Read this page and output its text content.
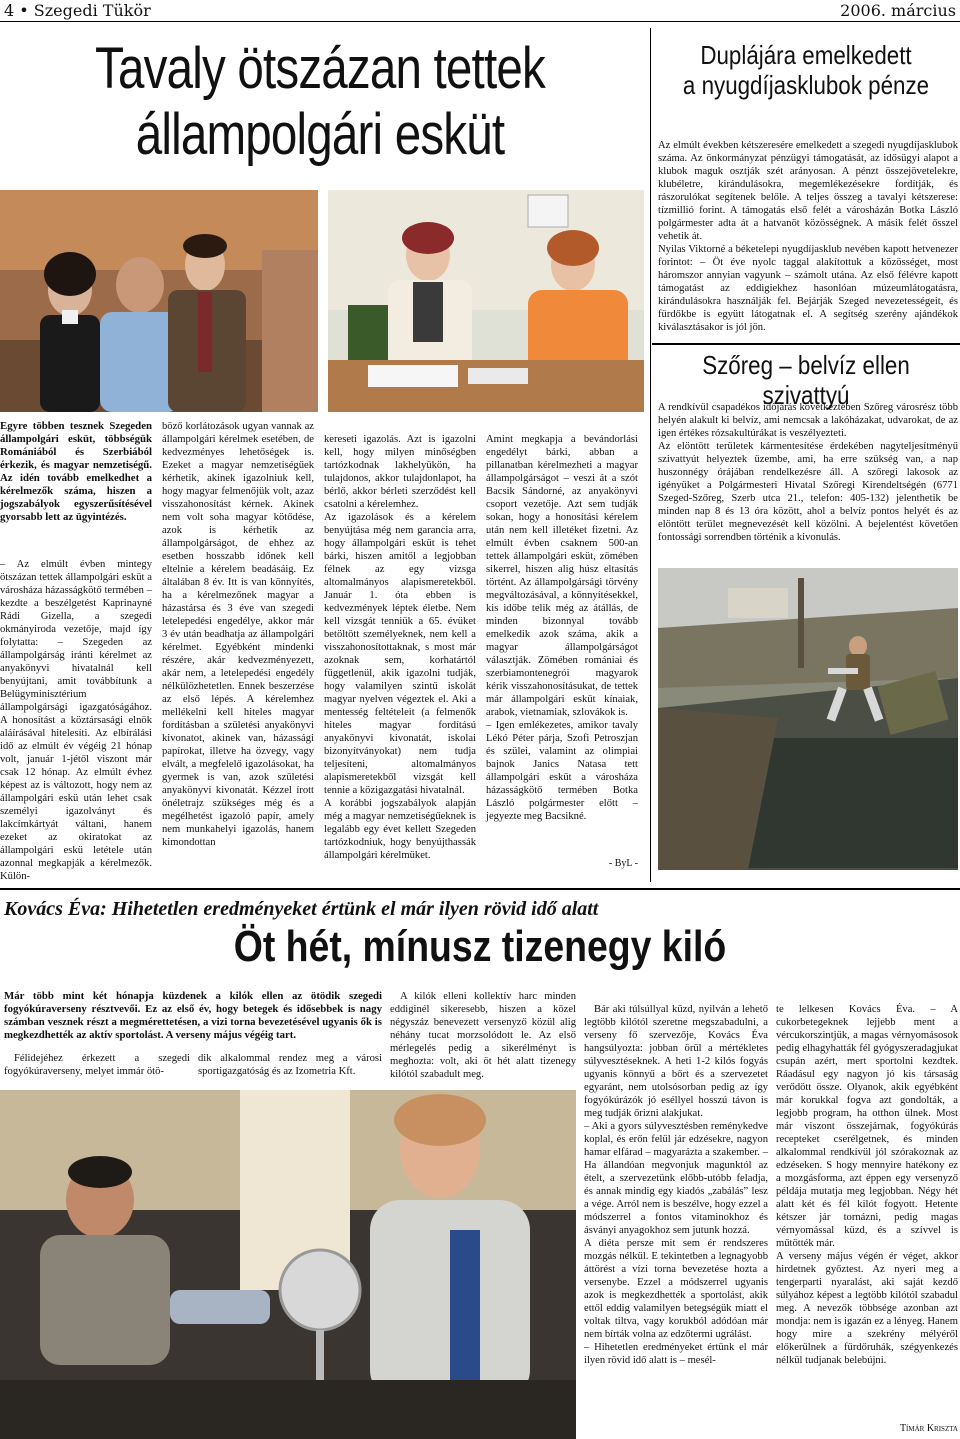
4 • Szegedi Tükör	2006. március
Tavaly ötszázan tettek
állampolgári esküt
Egyre többen tesznek Szegeden állampolgári esküt, többségük Romániából és Szerbiából érkezik, és magyar nemzetiségű. Az idén tovább emelkedhet a kérelmezők száma, hiszen a jogszabályok egyszerűsítésével gyorsabb lett az ügyintézés.

– Az elmúlt évben mintegy ötszázan tettek állampolgári esküt a városháza házasságkötő termében – kezdte a beszélgetést Kaprinayné Rádi Gizella, a szegedi okmányiroda vezetője, majd így folytatta: – Szegeden az állampolgárság iránti kérelmet az anyakönyvi hivatalnál kell benyújtani, amit továbbítunk a Belügyminisztérium állampolgársági igazgatóságához. A honosítást a köztársasági elnök aláírásával hitelesíti. Az elbírálási idő az elmúlt év végéig 21 hónap volt, január 1-jétől viszont már csak 12 hónap. Az elmúlt évhez képest az is változott, hogy nem az állampolgári eskü után lehet csak személyi igazolványt és lakcímkártyát váltani, hanem ezeket az okiratokat az állampolgári eskü letétele után azonnal megkapják a kérelmezők. Külön-

böző korlátozások ugyan vannak az állampolgári kérelmek esetében, de kedvezményes lehetőségek is. Ezeket a magyar nemzetiségűek kérhetik, akinek igazolniuk kell, hogy magyar felmenőjük volt, azaz visszahonosítást kérnek. Akinek nem volt soha magyar kötődése, azok is kérhetik az állampolgárságot, de ehhez az esetben hosszabb időnek kell eltelnie a kérelem beadásáig. Ez általában 8 év. Itt is van könnyítés, ha a kérelmezőnek magyar a házastársa és 3 éve van szegedi letelepedési engedélye, akkor már 3 év után beadhatja az állampolgári kérelmet. Egyébként mindenki részére, akár kedvezményezett, akár nem, a letelepedési engedély nélkülözhetetlen. Ennek beszerzése az első lépés. A kérelemhez mellékelni kell hiteles magyar fordításban a születési anyakönyvi kivonatot, akinek van, házassági papírokat, illetve ha özvegy, vagy elvált, a megfelelő igazolásokat, ha gyermek is van, azok születési anyakönyvi kivonatát. Kézzel írott önéletrajz szükséges még és a megélhetést igazoló papír, amely nem munkahelyi igazolás, hanem kimondottan

kereseti igazolás. Azt is igazolni kell, hogy milyen minőségben tartózkodnak lakhelyükön, ha tulajdonos, akkor tulajdonlapot, ha bérlő, akkor bérleti szerződést kell csatolni a kérelemhez.
Az igazolások és a kérelem benyújtása még nem garancia arra, hogy állampolgári esküt is tehet bárki, hiszen amitől a legjobban félnek az egy vizsga altomalmányos alapismeretekből. Január 1. óta ebben is kedvezmények léptek életbe. Nem kell vizsgát tenniük a 65. évüket betöltött személyeknek, nem kell a visszahonosítottaknak, s most már azoknak sem, korhatártól függetlenül, akik igazolni tudják, hogy valamilyen szintű iskolát magyar nyelven végeztek el. Aki a mentesség feltételeit (a felmenők hiteles magyar fordítású anyakönyvi kivonatát, iskolai bizonyítványokat) nem tudja teljesíteni, altomalmányos alapismeretekből vizsgát kell tennie a közigazgatási hivatalnál.
A korábbi jogszabályok alapján még a magyar nemzetiségűeknek is legalább egy évet kellett Szegeden tartózkodniuk, hogy benyújthassák állampolgári kérelmüket.

Amint megkapja a bevándorlási engedélyt bárki, abban a pillanatban kérelmezheti a magyar állampolgárságot – veszi át a szót Bacsik Sándorné, az anyakönyvi csoport vezetője. Azt sem tudják sokan, hogy a honosítási kérelem után nem kell illetéket fizetni. Az elmúlt évben csaknem 500-an tettek állampolgári esküt, zömében sikerrel, hiszen alig húsz eltasítás történt. Az állampolgársági törvény megváltozásával, a könnyítésekkel, kis időbe telik még az átállás, de minden bizonnyal tovább emelkedik azok száma, akik a magyar állampolgárságot választják. Zömében romániai és szerbiamontenegrói magyarok kérik visszahonosításukat, de tettek már állampolgári esküt kínaiak, arabok, vietnamiak, szlovákok is.
– Igen emlékezetes, amikor tavaly Lékó Péter párja, Szofi Petroszjan és szülei, valamint az olimpiai bajnok Janics Natasa tett állampolgári esküt a városháza házasságkötő termében Botka László polgármester előtt – jegyezte meg Bacsikné.

- ByL -
Duplájára emelkedett
a nyugdíjasklubok pénze

Az elmúlt években kétszeresére emelkedett a szegedi nyugdíjasklubok száma. Az önkormányzat pénzügyi támogatását, az idősügyi alapot a klubok maguk osztják szét arányosan. A pénzt összejövetelekre, klubéletre, kirándulásokra, megemlékezésekre fordítják, és rászorulókat segítenek belőle. A teljes összeg a tavalyi kétszerese: tízmillió forint. A támogatás első felét a városházán Botka László polgármester adta át a hatvanöt közösségnek. A másik felét ősszel vehetik át.
Nyilas Viktorné a béketelepi nyugdíjasklub nevében kapott hetvenezer forintot: – Öt éve nyolc taggal alakítottuk a közösséget, most háromszor annyian vagyunk – számolt utána. Az első félévre kapott támogatást az eddigiekhez hasonlóan múzeumlátogatásra, kirándulásokra használják fel. Bejárják Szeged nevezetességeit, és fürdőkbe is együtt látogatnak el. A segítség szerény ajándékok kiválasztásakor is jól jön.

Szőreg – belvíz ellen szivattyú

A rendkívül csapadékos időjárás következtében Szőreg városrész több helyén alakult ki belvíz, ami nemcsak a lakóházakat, udvarokat, de az igen értékes rózsakultúrákat is veszélyezteti.
Az elöntött területek kármentesítése érdekében nagyteljesítményű szivattyút helyeztek üzembe, ami, ha erre szükség van, a nap huszonnégy órájában rendelkezésre áll. A szőregi lakosok az igényüket a Polgármesteri Hivatal Szőregi Kirendeltségén (6771 Szeged-Szőreg, Szerb utca 21., telefon: 405-132) jelenthetik be minden nap 8 és 13 óra között, ahol a belvíz pontos helyét és az elöntött terület megnevezését kell közölni. A bejelentést követően fontossági sorrendben történik a kivonulás.

Kovács Éva: Hihetetlen eredményeket értünk el már ilyen rövid idő alatt
Öt hét, mínusz tizenegy kiló
Már több mint két hónapja küzdenek a kilók ellen az ötödik szegedi fogyókúraverseny résztvevői. Ez az első év, hogy betegek és idősebbek is nagy számban vesznek részt a megmérettetésen, a vizi torna bevezetésével ugyanis ők is megkezdhették az aktív sportolást. A verseny május végéig tart.

Félidejéhez érkezett a szegedi fogyókúraverseny, melyet immár ötö-

dik alkalommal rendez meg a városi sportigazgatóság és az Izometria Kft.

A kilók elleni kollektív harc minden eddiginél sikeresebb, hiszen a közel négyszáz benevezett versenyző közül alig néhány tucat morzsolódott le. Az első mérlegelés pedig a sikerélményt is meghozta: volt, aki öt hét alatt tizenegy kilótól szabadult meg.

Bár aki túlsúllyal küzd, nyilván a lehető legtöbb kilótól szeretne megszabadulni, a verseny fő szervezője, Kovács Éva hangsúlyozta: jobban örül a mértékletes súlyvesztéseknek. A heti 1-2 kilós fogyás ugyanis könnyű a bőrt és a szervezetet egyaránt, nem utolsósorban pedig az így fogyókúrázók jó eséllyel hosszú távon is meg tudják őrizni alakjukat.
– Aki a gyors súlyvesztésben reménykedve koplal, és erőn felül jár edzésekre, nagyon hamar elfárad – magyarázta a szakember. – Ha állandóan megvonjuk magunktól az ételt, a szervezetünk előbb-utóbb feladja, és annak mindig egy kiadós „zabálás” lesz a vége. Arról nem is beszélve, hogy ezzel a módszerrel a fontos vitaminokhoz és ásványi anyagokhoz sem jutunk hozzá.
A diéta persze mit sem ér rendszeres mozgás nélkül. E tekintetben a legnagyobb áttörést a vízi torna bevezetése hozta a versenybe. Ezzel a módszerrel ugyanis azok is megkezdhették a sportolást, akik ettől eddig valamilyen betegségük miatt el voltak tiltva, vagy korukból adódóan már nem bírták volna az edzőtermi ugrálást.
– Hihetetlen eredményeket értünk el már ilyen rövid idő alatt is – mesél-

te lelkesen Kovács Éva. – A cukorbetegeknek lejjebb ment a vércukorszintjük, a magas vérnyomásosok pedig elhagyhatták fél gyógyszeradagjukat csupán azért, mert sportolni kezdtek. Ráadásul egy nagyon jó kis társaság verődött össze. Olyanok, akik egyébként már korukkal fogva azt gondolták, a legjobb program, ha otthon ülnek. Most már viszont összejárnak, fogyókúrás recepteket cserélgetnek, és minden alkalommal rendkívül jól szórakoznak az edzéseken. S hogy mennyire hatékony ez a mozgásforma, azt éppen egy versenyző példája mutatja meg legjobban. Négy hét alatt két és fél kilót fogyott. Hetente kétszer jár tornázni, pedig magas vérnyomással küzd, és a szívvel is műtötték már.
A verseny május végén ér véget, akkor hirdetnek győztest. Az nyeri meg a tengerparti nyaralást, aki saját kezdő súlyához képest a legtöbb kilótól szabadul meg. A nevezők többsége azonban azt mondja: nem is igazán ez a lényeg. Hanem hogy mire a szekrény mélyéről előkerülnek a fürdőruhák, szégyenkezés nélkül tudjanak belebújni.

Tímár Kriszta
